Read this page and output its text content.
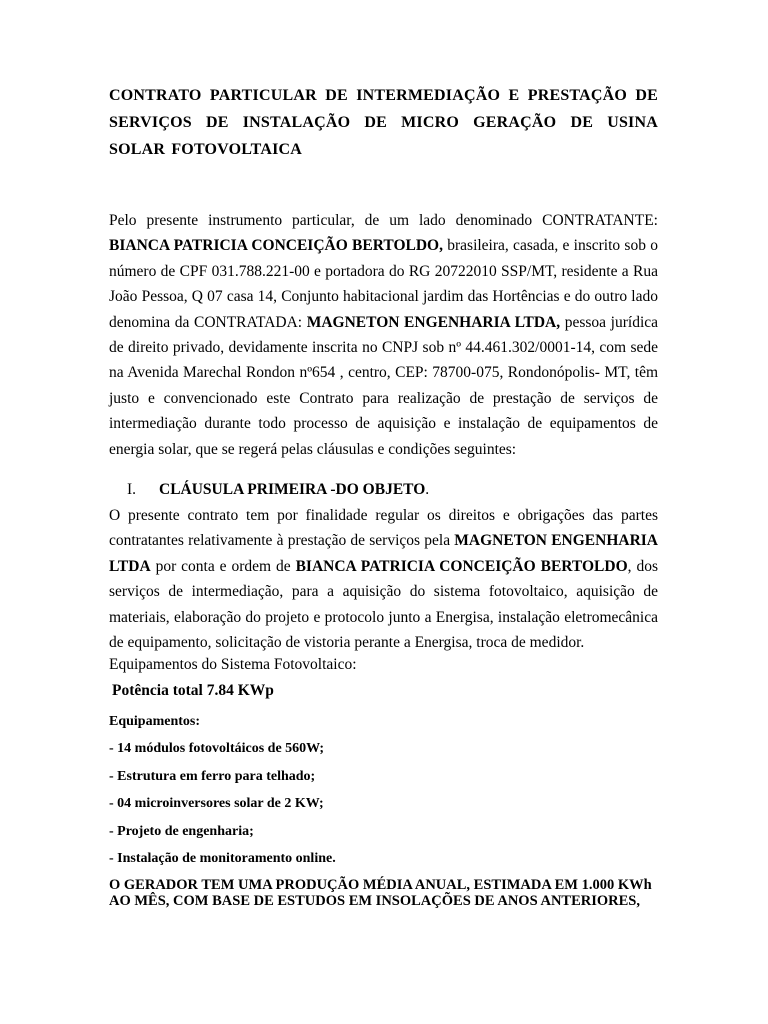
CONTRATO PARTICULAR DE INTERMEDIAÇÃO E PRESTAÇÃO DE SERVIÇOS DE INSTALAÇÃO DE MICRO GERAÇÃO DE USINA SOLAR FOTOVOLTAICA
Pelo presente instrumento particular, de um lado denominado CONTRATANTE: BIANCA PATRICIA CONCEIÇÃO BERTOLDO, brasileira, casada, e inscrito sob o número de CPF 031.788.221-00 e portadora do RG 20722010 SSP/MT, residente a Rua João Pessoa, Q 07 casa 14, Conjunto habitacional jardim das Hortências e do outro lado denomina da CONTRATADA: MAGNETON ENGENHARIA LTDA, pessoa jurídica de direito privado, devidamente inscrita no CNPJ sob nº 44.461.302/0001-14, com sede na Avenida Marechal Rondon nº654 , centro, CEP: 78700-075, Rondonópolis- MT, têm justo e convencionado este Contrato para realização de prestação de serviços de intermediação durante todo processo de aquisição e instalação de equipamentos de energia solar, que se regerá pelas cláusulas e condições seguintes:
I. CLÁUSULA PRIMEIRA -DO OBJETO.
O presente contrato tem por finalidade regular os direitos e obrigações das partes contratantes relativamente à prestação de serviços pela MAGNETON ENGENHARIA LTDA por conta e ordem de BIANCA PATRICIA CONCEIÇÃO BERTOLDO, dos serviços de intermediação, para a aquisição do sistema fotovoltaico, aquisição de materiais, elaboração do projeto e protocolo junto a Energisa, instalação eletromecânica de equipamento, solicitação de vistoria perante a Energisa, troca de medidor.
Equipamentos do Sistema Fotovoltaico:
Potência total 7.84 KWp
Equipamentos:
- 14 módulos fotovoltáicos de 560W;
- Estrutura em ferro para telhado;
- 04 microinversores solar de 2 KW;
- Projeto de engenharia;
- Instalação de monitoramento online.
O GERADOR TEM UMA PRODUÇÃO MÉDIA ANUAL, ESTIMADA EM 1.000 KWh
AO MÊS, COM BASE DE ESTUDOS EM INSOLAÇÕES DE ANOS ANTERIORES,
